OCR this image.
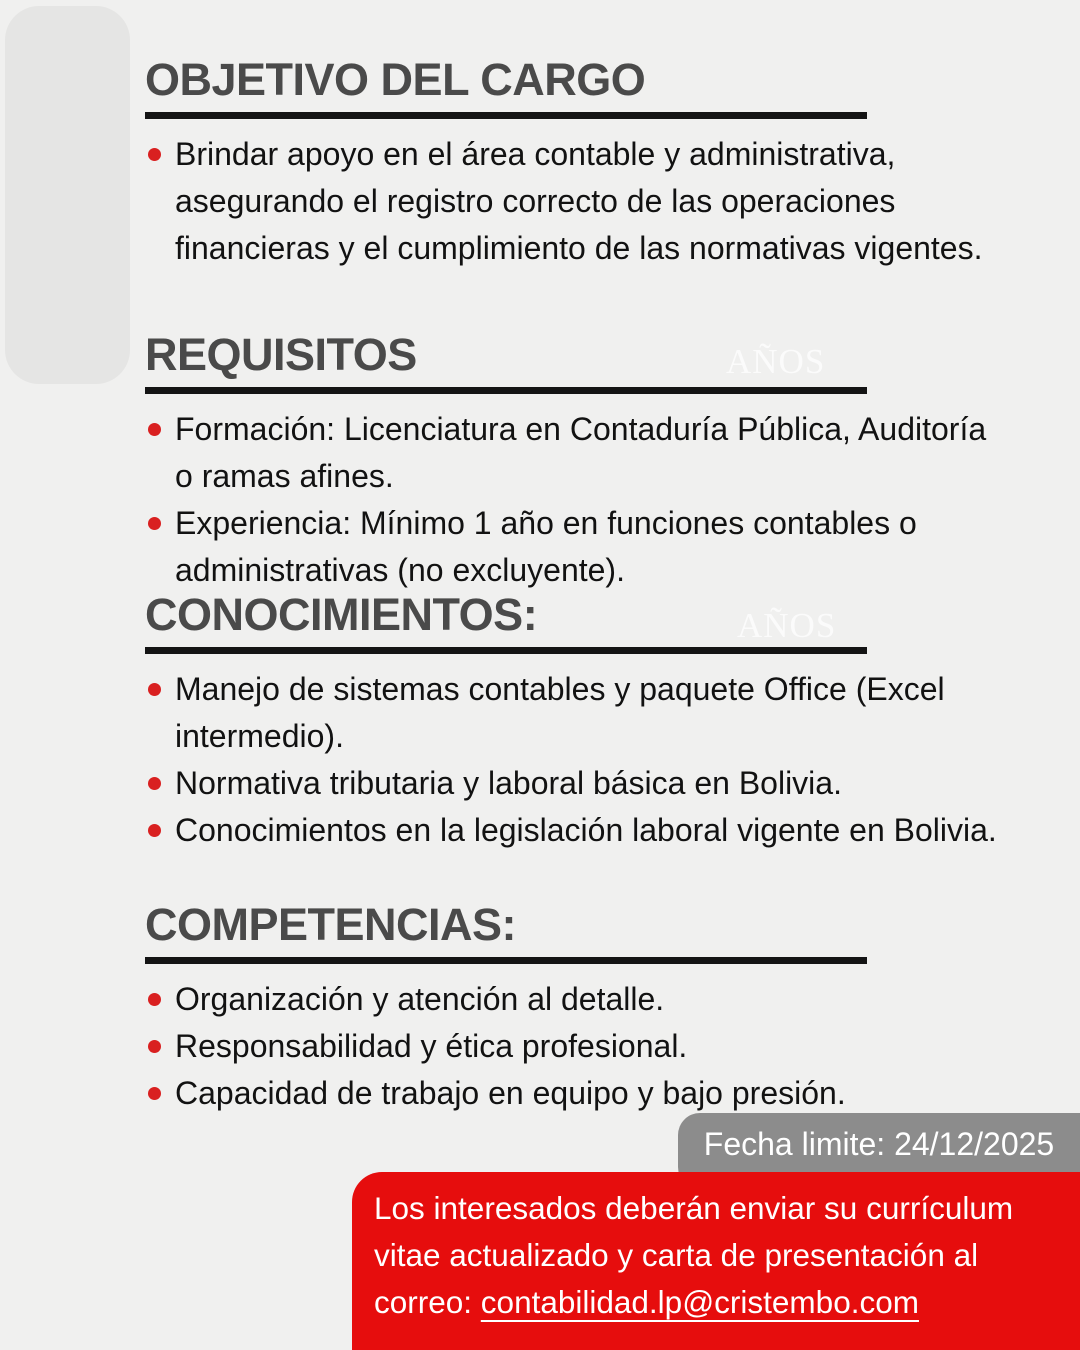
AÑOS
AÑOS
OBJETIVO DEL CARGO
Brindar apoyo en el área contable y administrativa, asegurando el registro correcto de las operaciones financieras y el cumplimiento de las normativas vigentes.
REQUISITOS
Formación: Licenciatura en Contaduría Pública, Auditoría o ramas afines.
Experiencia: Mínimo 1 año en funciones contables o administrativas (no excluyente).
CONOCIMIENTOS:
Manejo de sistemas contables y paquete Office (Excel intermedio).
Normativa tributaria y laboral básica en Bolivia.
Conocimientos en la legislación laboral vigente en Bolivia.
COMPETENCIAS:
Organización y atención al detalle.
Responsabilidad y ética profesional.
Capacidad de trabajo en equipo y bajo presión.
Fecha limite: 24/12/2025

Los interesados deberán enviar su currículum vitae actualizado y carta de presentación al correo: contabilidad.lp@cristembo.com
